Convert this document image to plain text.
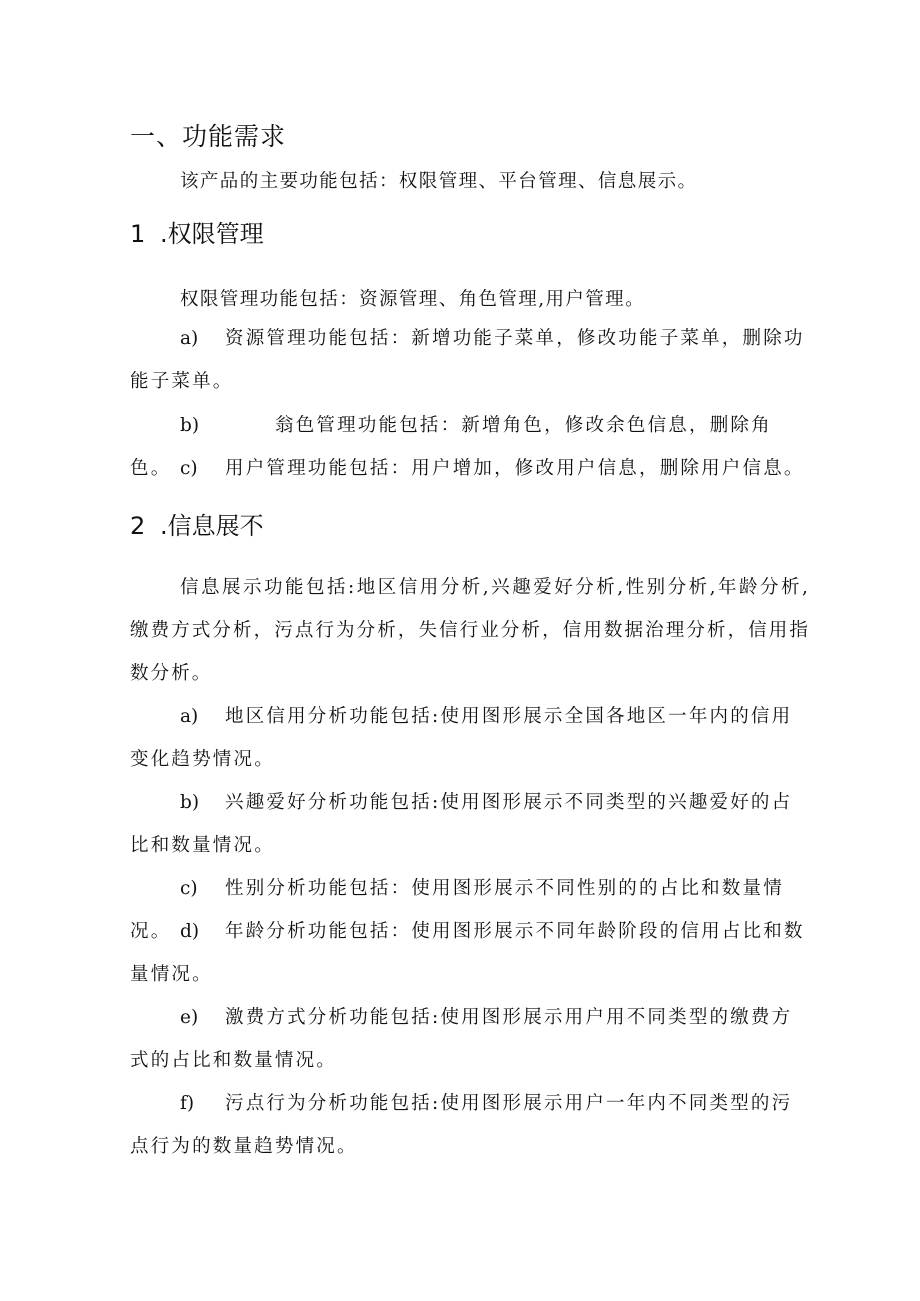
一、功能需求

该产品的主要功能包括：权限管理、平台管理、信息展示。

1 .权限管理

权限管理功能包括：资源管理、角色管理,用户管理。

a) 资源管理功能包括：新增功能子菜单，修改功能子菜单，删除功能子菜单。

b)	翁色管理功能包括：新增角色，修改余色信息，删除角色。 c) 用户管理功能包括：用户增加，修改用户信息，删除用户信息。

2 .信息展不

信息展示功能包括:地区信用分析,兴趣爱好分析,性别分析,年龄分析,缴费方式分析，污点行为分析，失信行业分析，信用数据治理分析，信用指数分析。

a) 地区信用分析功能包括:使用图形展示全国各地区一年内的信用变化趋势情况。

b) 兴趣爱好分析功能包括:使用图形展示不同类型的兴趣爱好的占比和数量情况。

c) 性别分析功能包括：使用图形展示不同性别的的占比和数量情况。 d) 年龄分析功能包括：使用图形展示不同年龄阶段的信用占比和数量情况。

e) 激费方式分析功能包括:使用图形展示用户用不同类型的缴费方式的占比和数量情况。

f) 污点行为分析功能包括:使用图形展示用户一年内不同类型的污点行为的数量趋势情况。
